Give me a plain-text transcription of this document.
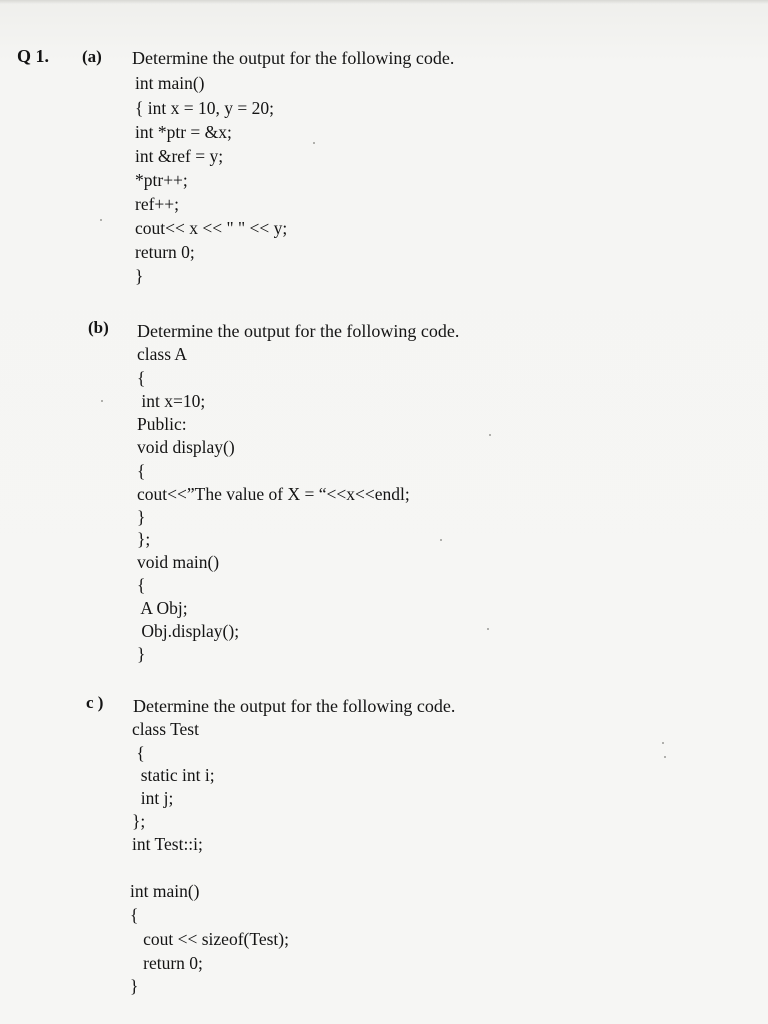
Q 1. (a) Determine the output for the following code.
int main()
{ int x = 10, y = 20;
int *ptr = &x;
int &ref = y;
*ptr++;
ref++;
cout<< x << " " << y;
return 0;
}
(b) Determine the output for the following code.
class A
{
int x=10;
Public:
void display()
{
cout<<”The value of X = “<<x<<endl;
}
};
void main()
{
A Obj;
Obj.display();
}
c ) Determine the output for the following code.
class Test
{
static int i;
int j;
};
int Test::i;
int main()
{
cout << sizeof(Test);
return 0;
}
